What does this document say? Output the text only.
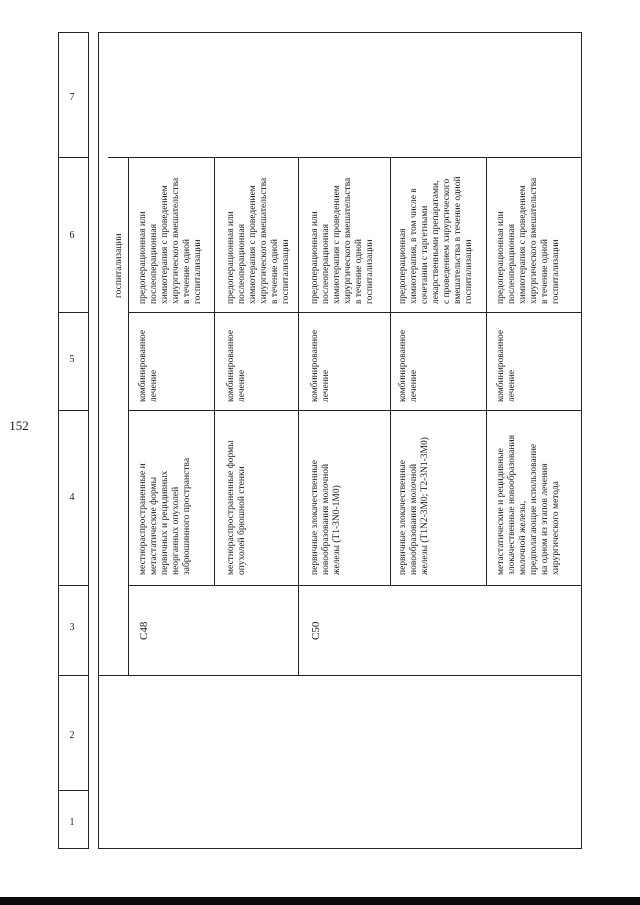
152
1
2
3
4
5
6
7
госпитализации
C48
местнораспространенные и метастатические формы первичных и рецидивных неорганных опухолей забрюшинного пространства
комбинированное лечение
предоперационная или послеоперационная химиотерапия с проведением хирургического вмешательства в течение одной госпитализации
местнораспространенные формы опухолей брюшной стенки
комбинированное лечение
предоперационная или послеоперационная химиотерапия с проведением хирургического вмешательства в течение одной госпитализации
C50
первичные злокачественные новообразования молочной железы (T1-3N0-1M0)
комбинированное лечение
предоперационная или послеоперационная химиотерапия с проведением хирургического вмешательства в течение одной госпитализации
первичные злокачественные новообразования молочной железы (T1N2-3M0; T2-3N1-3M0)
комбинированное лечение
предоперационная химиотерапия, в том числе в сочетании с таргетными лекарственными препаратами, с проведением хирургического вмешательства в течение одной госпитализации
метастатические и рецидивные злокачественные новообразования молочной железы, предполагающие использование на одном из этапов лечения хирургического метода
комбинированное лечение
предоперационная или послеоперационная химиотерапия с проведением хирургического вмешательства в течение одной госпитализации
